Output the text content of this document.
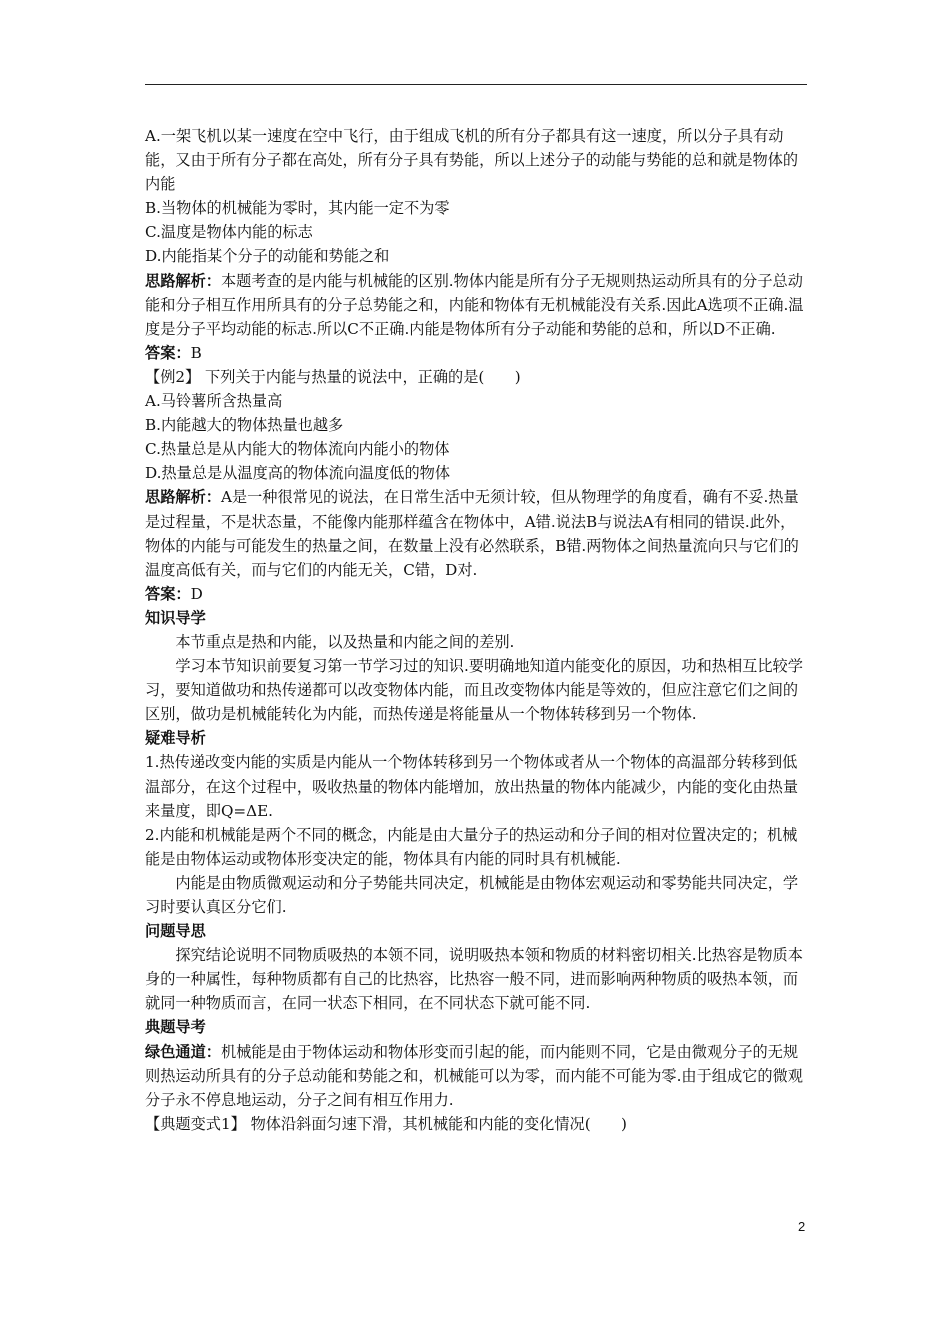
A.一架飞机以某一速度在空中飞行，由于组成飞机的所有分子都具有这一速度，所以分子具有动能，又由于所有分子都在高处，所有分子具有势能，所以上述分子的动能与势能的总和就是物体的内能

B.当物体的机械能为零时，其内能一定不为零

C.温度是物体内能的标志

D.内能指某个分子的动能和势能之和

思路解析：本题考查的是内能与机械能的区别.物体内能是所有分子无规则热运动所具有的分子总动能和分子相互作用所具有的分子总势能之和，内能和物体有无机械能没有关系.因此A选项不正确.温度是分子平均动能的标志.所以C不正确.内能是物体所有分子动能和势能的总和，所以D不正确.

答案：B

【例2】 下列关于内能与热量的说法中，正确的是(　　)

A.马铃薯所含热量高

B.内能越大的物体热量也越多

C.热量总是从内能大的物体流向内能小的物体

D.热量总是从温度高的物体流向温度低的物体

思路解析：A是一种很常见的说法，在日常生活中无须计较，但从物理学的角度看，确有不妥.热量是过程量，不是状态量，不能像内能那样蕴含在物体中，A错.说法B与说法A有相同的错误.此外，物体的内能与可能发生的热量之间，在数量上没有必然联系，B错.两物体之间热量流向只与它们的温度高低有关，而与它们的内能无关，C错，D对.

答案：D

知识导学

本节重点是热和内能，以及热量和内能之间的差别.

学习本节知识前要复习第一节学习过的知识.要明确地知道内能变化的原因，功和热相互比较学习，要知道做功和热传递都可以改变物体内能，而且改变物体内能是等效的，但应注意它们之间的区别，做功是机械能转化为内能，而热传递是将能量从一个物体转移到另一个物体.

疑难导析

1.热传递改变内能的实质是内能从一个物体转移到另一个物体或者从一个物体的高温部分转移到低温部分，在这个过程中，吸收热量的物体内能增加，放出热量的物体内能减少，内能的变化由热量来量度，即Q=ΔE.

2.内能和机械能是两个不同的概念，内能是由大量分子的热运动和分子间的相对位置决定的；机械能是由物体运动或物体形变决定的能，物体具有内能的同时具有机械能.

内能是由物质微观运动和分子势能共同决定，机械能是由物体宏观运动和零势能共同决定，学习时要认真区分它们.

问题导思

探究结论说明不同物质吸热的本领不同，说明吸热本领和物质的材料密切相关.比热容是物质本身的一种属性，每种物质都有自己的比热容，比热容一般不同，进而影响两种物质的吸热本领，而就同一种物质而言，在同一状态下相同，在不同状态下就可能不同.

典题导考

绿色通道：机械能是由于物体运动和物体形变而引起的能，而内能则不同，它是由微观分子的无规则热运动所具有的分子总动能和势能之和，机械能可以为零，而内能不可能为零.由于组成它的微观分子永不停息地运动，分子之间有相互作用力.

【典题变式1】 物体沿斜面匀速下滑，其机械能和内能的变化情况(　　)

2
